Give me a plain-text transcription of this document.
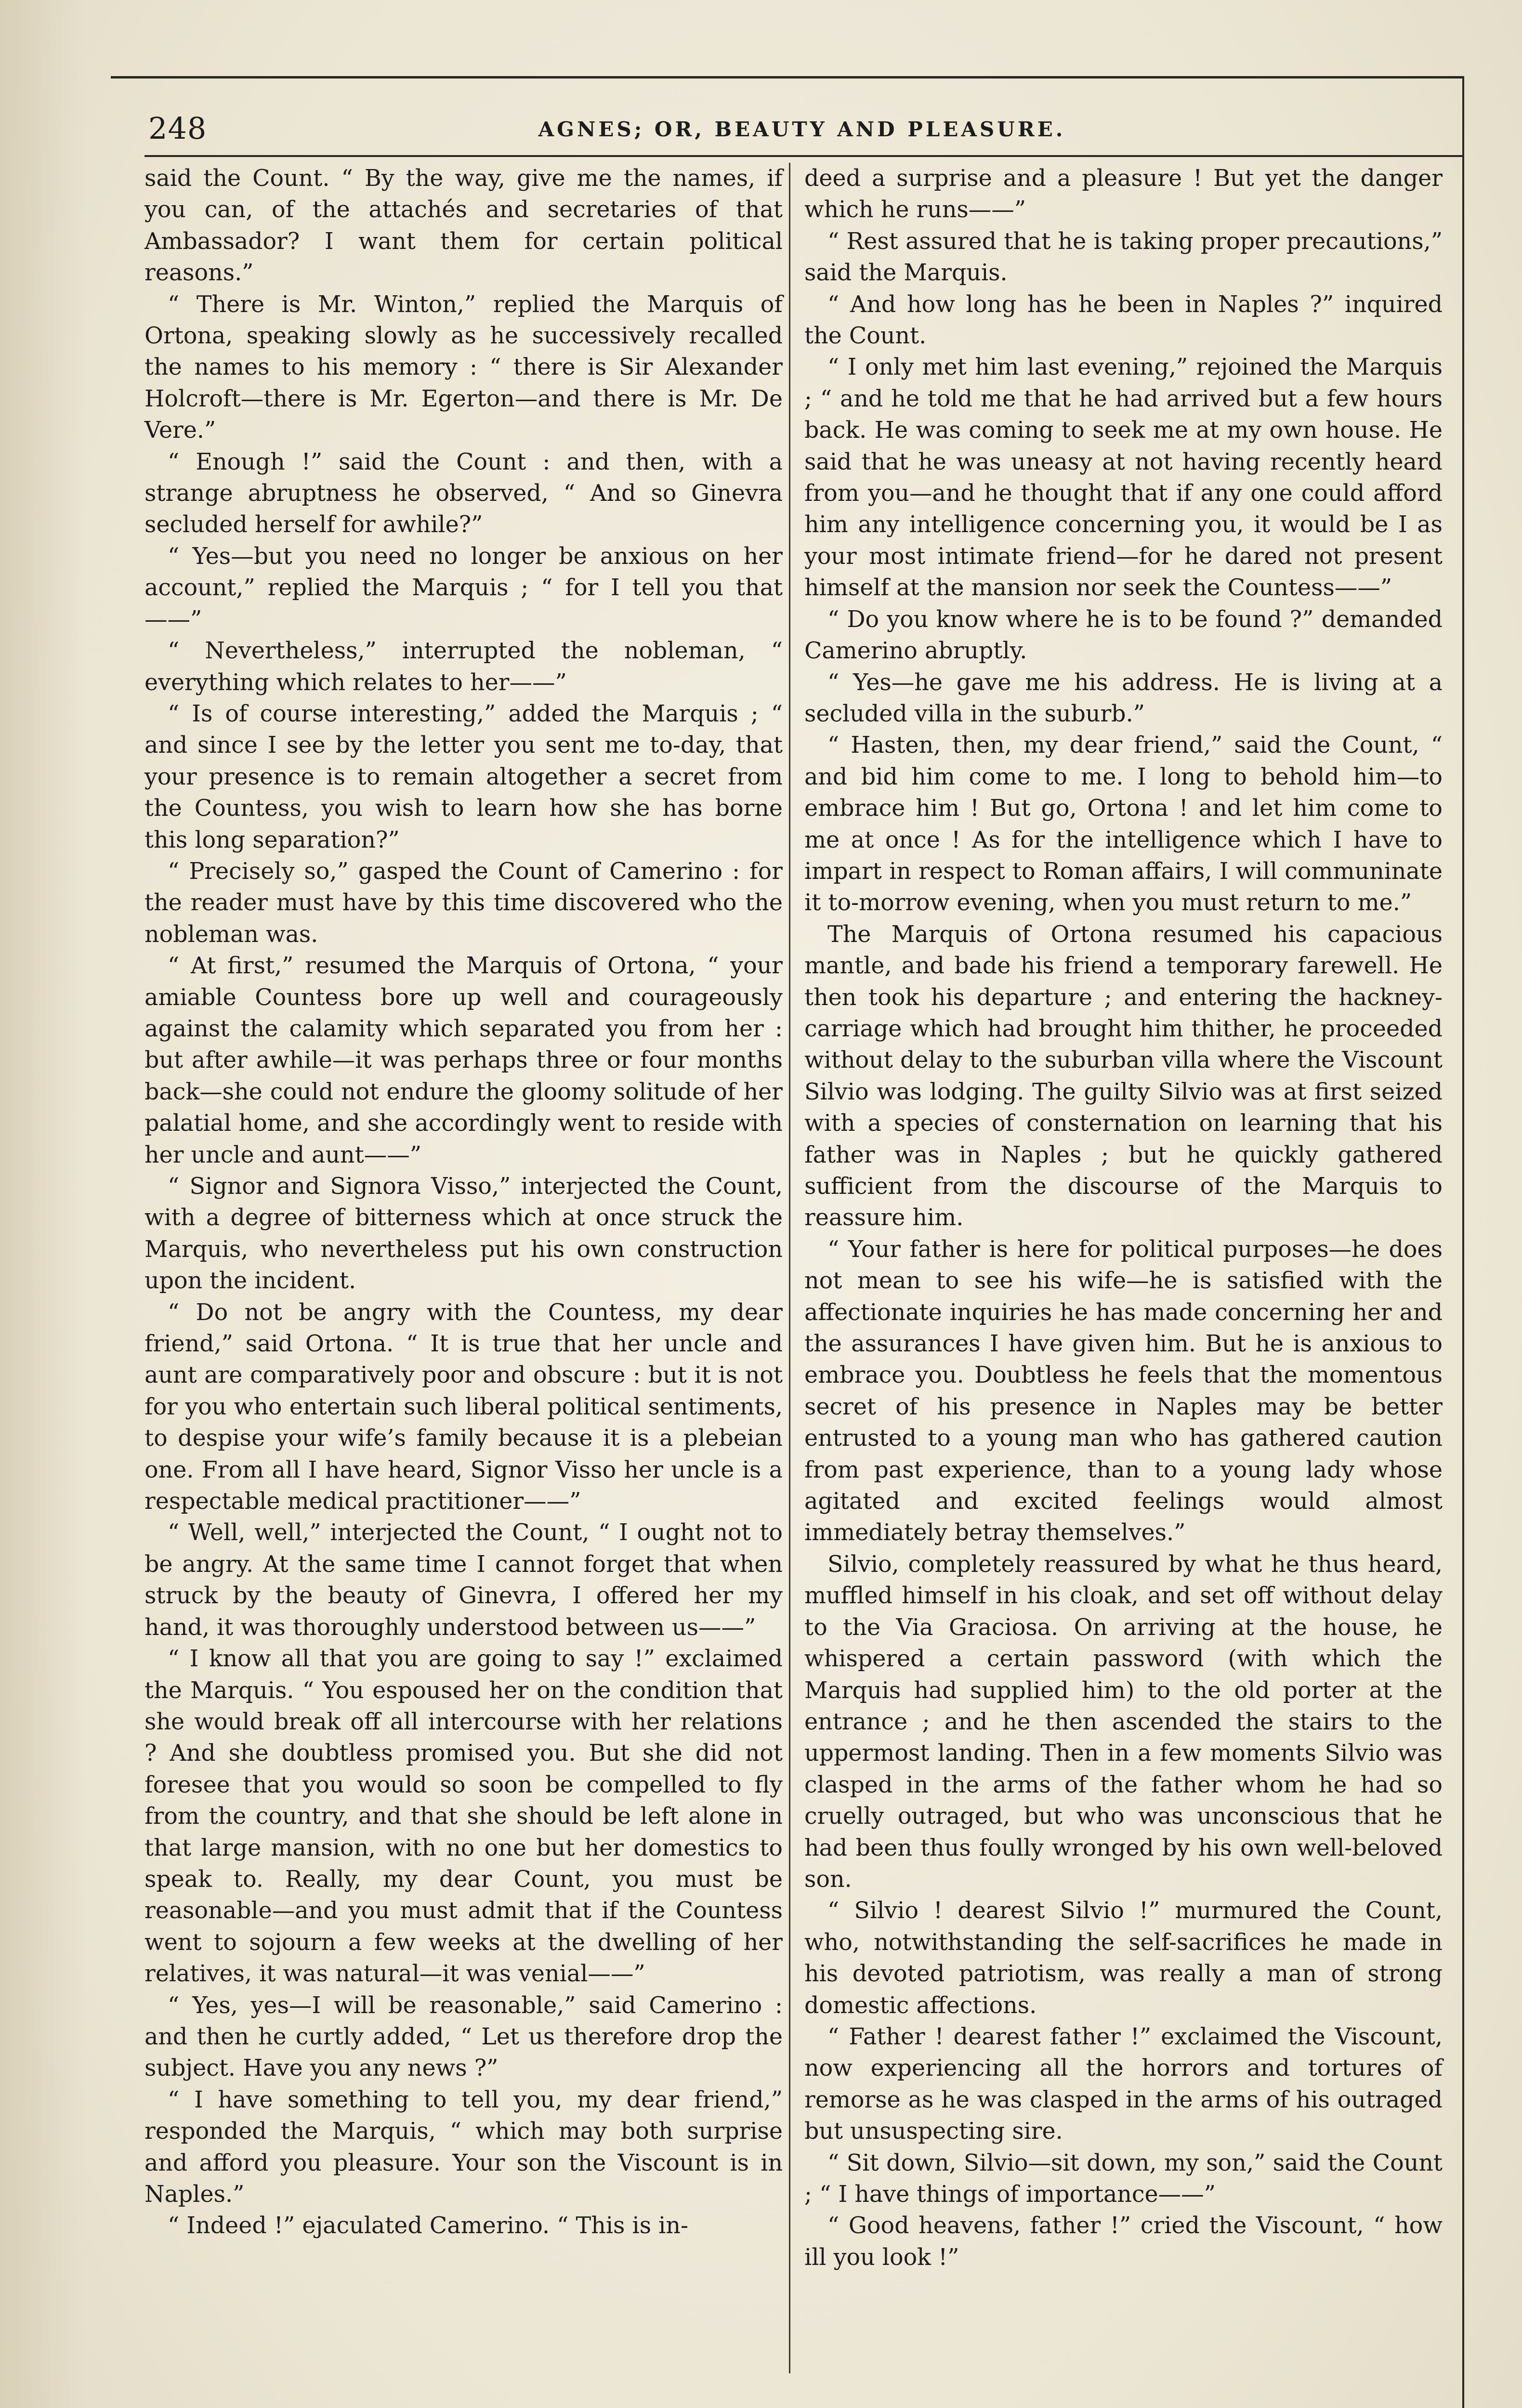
248	AGNES; OR, BEAUTY AND PLEASURE.

said the Count. “ By the way, give me the names, if you can, of the attachés and secretaries of that Ambassador? I want them for certain political reasons.”

“ There is Mr. Winton,” replied the Marquis of Ortona, speaking slowly as he successively recalled the names to his memory : “ there is Sir Alexander Holcroft—there is Mr. Egerton—and there is Mr. De Vere.”

“ Enough !” said the Count : and then, with a strange abruptness he observed, “ And so Ginevra secluded herself for awhile?”

“ Yes—but you need no longer be anxious on her account,” replied the Marquis ; “ for I tell you that——”

“ Nevertheless,” interrupted the nobleman, “ everything which relates to her——”

“ Is of course interesting,” added the Marquis ; “ and since I see by the letter you sent me to-day, that your presence is to remain altogether a secret from the Countess, you wish to learn how she has borne this long separation?”

“ Precisely so,” gasped the Count of Camerino : for the reader must have by this time discovered who the nobleman was.

“ At first,” resumed the Marquis of Ortona, “ your amiable Countess bore up well and courageously against the calamity which separated you from her : but after awhile—it was perhaps three or four months back—she could not endure the gloomy solitude of her palatial home, and she accordingly went to reside with her uncle and aunt——”

“ Signor and Signora Visso,” interjected the Count, with a degree of bitterness which at once struck the Marquis, who nevertheless put his own construction upon the incident.

“ Do not be angry with the Countess, my dear friend,” said Ortona. “ It is true that her uncle and aunt are comparatively poor and obscure : but it is not for you who entertain such liberal political sentiments, to despise your wife’s family because it is a plebeian one. From all I have heard, Signor Visso her uncle is a respectable medical practitioner——”

“ Well, well,” interjected the Count, “ I ought not to be angry. At the same time I cannot forget that when struck by the beauty of Ginevra, I offered her my hand, it was thoroughly understood between us——”

“ I know all that you are going to say !” exclaimed the Marquis. “ You espoused her on the condition that she would break off all intercourse with her relations ? And she doubtless promised you. But she did not foresee that you would so soon be compelled to fly from the country, and that she should be left alone in that large mansion, with no one but her domestics to speak to. Really, my dear Count, you must be reasonable—and you must admit that if the Countess went to sojourn a few weeks at the dwelling of her relatives, it was natural—it was venial——”

“ Yes, yes—I will be reasonable,” said Camerino : and then he curtly added, “ Let us therefore drop the subject. Have you any news ?”

“ I have something to tell you, my dear friend,” responded the Marquis, “ which may both surprise and afford you pleasure. Your son the Viscount is in Naples.”

“ Indeed !” ejaculated Camerino. “ This is in-

deed a surprise and a pleasure ! But yet the danger which he runs——”

“ Rest assured that he is taking proper precautions,” said the Marquis.

“ And how long has he been in Naples ?” inquired the Count.

“ I only met him last evening,” rejoined the Marquis ; “ and he told me that he had arrived but a few hours back. He was coming to seek me at my own house. He said that he was uneasy at not having recently heard from you—and he thought that if any one could afford him any intelligence concerning you, it would be I as your most intimate friend—for he dared not present himself at the mansion nor seek the Countess——”

“ Do you know where he is to be found ?” demanded Camerino abruptly.

“ Yes—he gave me his address. He is living at a secluded villa in the suburb.”

“ Hasten, then, my dear friend,” said the Count, “ and bid him come to me. I long to behold him—to embrace him ! But go, Ortona ! and let him come to me at once ! As for the intelligence which I have to impart in respect to Roman affairs, I will communinate it to-morrow evening, when you must return to me.”

The Marquis of Ortona resumed his capacious mantle, and bade his friend a temporary farewell. He then took his departure ; and entering the hackney-carriage which had brought him thither, he proceeded without delay to the suburban villa where the Viscount Silvio was lodging. The guilty Silvio was at first seized with a species of consternation on learning that his father was in Naples ; but he quickly gathered sufficient from the discourse of the Marquis to reassure him.

“ Your father is here for political purposes—he does not mean to see his wife—he is satisfied with the affectionate inquiries he has made concerning her and the assurances I have given him. But he is anxious to embrace you. Doubtless he feels that the momentous secret of his presence in Naples may be better entrusted to a young man who has gathered caution from past experience, than to a young lady whose agitated and excited feelings would almost immediately betray themselves.”

Silvio, completely reassured by what he thus heard, muffled himself in his cloak, and set off without delay to the Via Graciosa. On arriving at the house, he whispered a certain password (with which the Marquis had supplied him) to the old porter at the entrance ; and he then ascended the stairs to the uppermost landing. Then in a few moments Silvio was clasped in the arms of the father whom he had so cruelly outraged, but who was unconscious that he had been thus foully wronged by his own well-beloved son.

“ Silvio ! dearest Silvio !” murmured the Count, who, notwithstanding the self-sacrifices he made in his devoted patriotism, was really a man of strong domestic affections.

“ Father ! dearest father !” exclaimed the Viscount, now experiencing all the horrors and tortures of remorse as he was clasped in the arms of his outraged but unsuspecting sire.

“ Sit down, Silvio—sit down, my son,” said the Count ; “ I have things of importance——”

“ Good heavens, father !” cried the Viscount, “ how ill you look !”
